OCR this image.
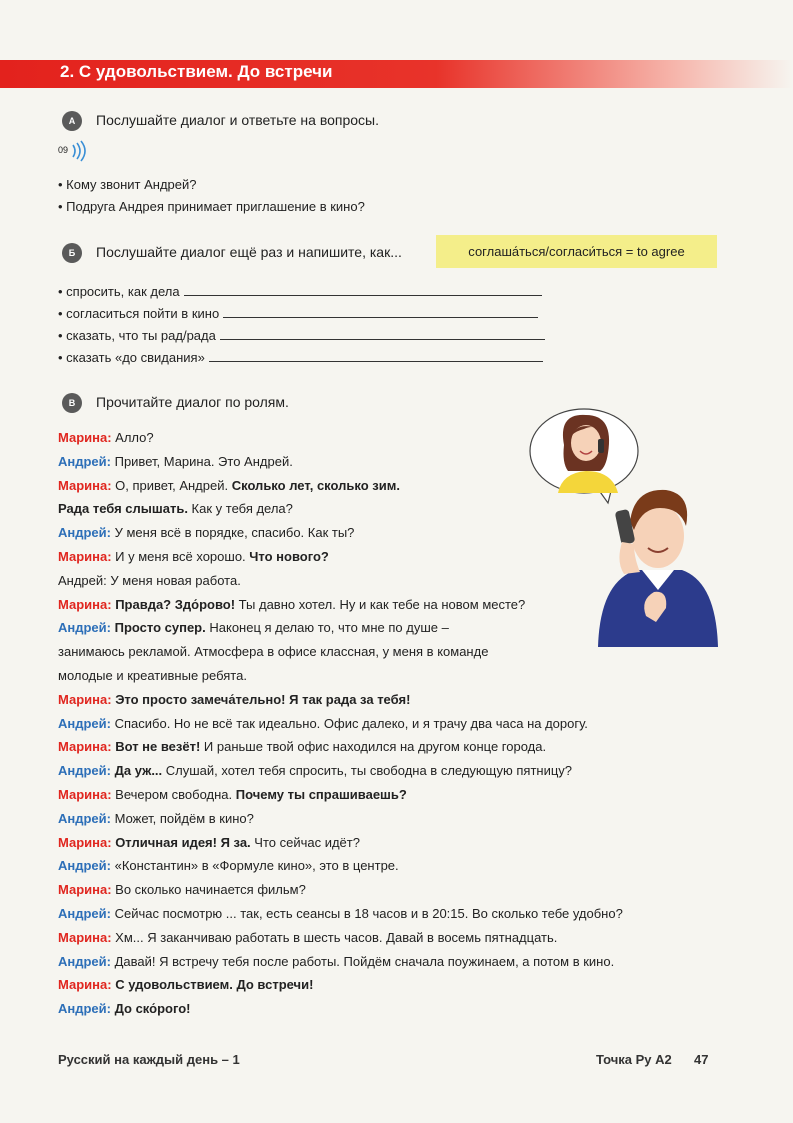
2. С удовольствием. До встречи
A	Послушайте диалог и ответьте на вопросы.
09
• Кому звонит Андрей?
• Подруга Андрея принимает приглашение в кино?
Б	Послушайте диалог ещё раз и напишите, как...	соглаша́ться/согласи́ться = to agree
• спросить, как дела
• согласиться пойти в кино
• сказать, что ты рад/рада
• сказать «до свидания»
В	Прочитайте диалог по ролям.
Марина: Алло?
Андрей: Привет, Марина. Это Андрей.
Марина: О, привет, Андрей. Сколько лет, сколько зим.
Рада тебя слышать. Как у тебя дела?
Андрей: У меня всё в порядке, спасибо. Как ты?
Марина: И у меня всё хорошо. Что нового?
Андрей: У меня новая работа.
Марина: Правда? Здо́рово! Ты давно хотел. Ну и как тебе на новом месте?
Андрей: Просто супер. Наконец я делаю то, что мне по душе –
занимаюсь рекламой. Атмосфера в офисе классная, у меня в команде
молодые и креативные ребята.
Марина: Это просто замеча́тельно! Я так рада за тебя!
Андрей: Спасибо. Но не всё так идеально. Офис далеко, и я трачу два часа на дорогу.
Марина: Вот не везёт! И раньше твой офис находился на другом конце города.
Андрей: Да уж... Слушай, хотел тебя спросить, ты свободна в следующую пятницу?
Марина: Вечером свободна. Почему ты спрашиваешь?
Андрей: Может, пойдём в кино?
Марина: Отличная идея! Я за. Что сейчас идёт?
Андрей: «Константин» в «Формуле кино», это в центре.
Марина: Во сколько начинается фильм?
Андрей: Сейчас посмотрю ... так, есть сеансы в 18 часов и в 20:15. Во сколько тебе удобно?
Марина: Хм... Я заканчиваю работать в шесть часов. Давай в восемь пятнадцать.
Андрей: Давай! Я встречу тебя после работы. Пойдём сначала поужинаем, а потом в кино.
Марина: С удовольствием. До встречи!
Андрей: До ско́рого!
Русский на каждый день – 1	Точка Ру А2 47
